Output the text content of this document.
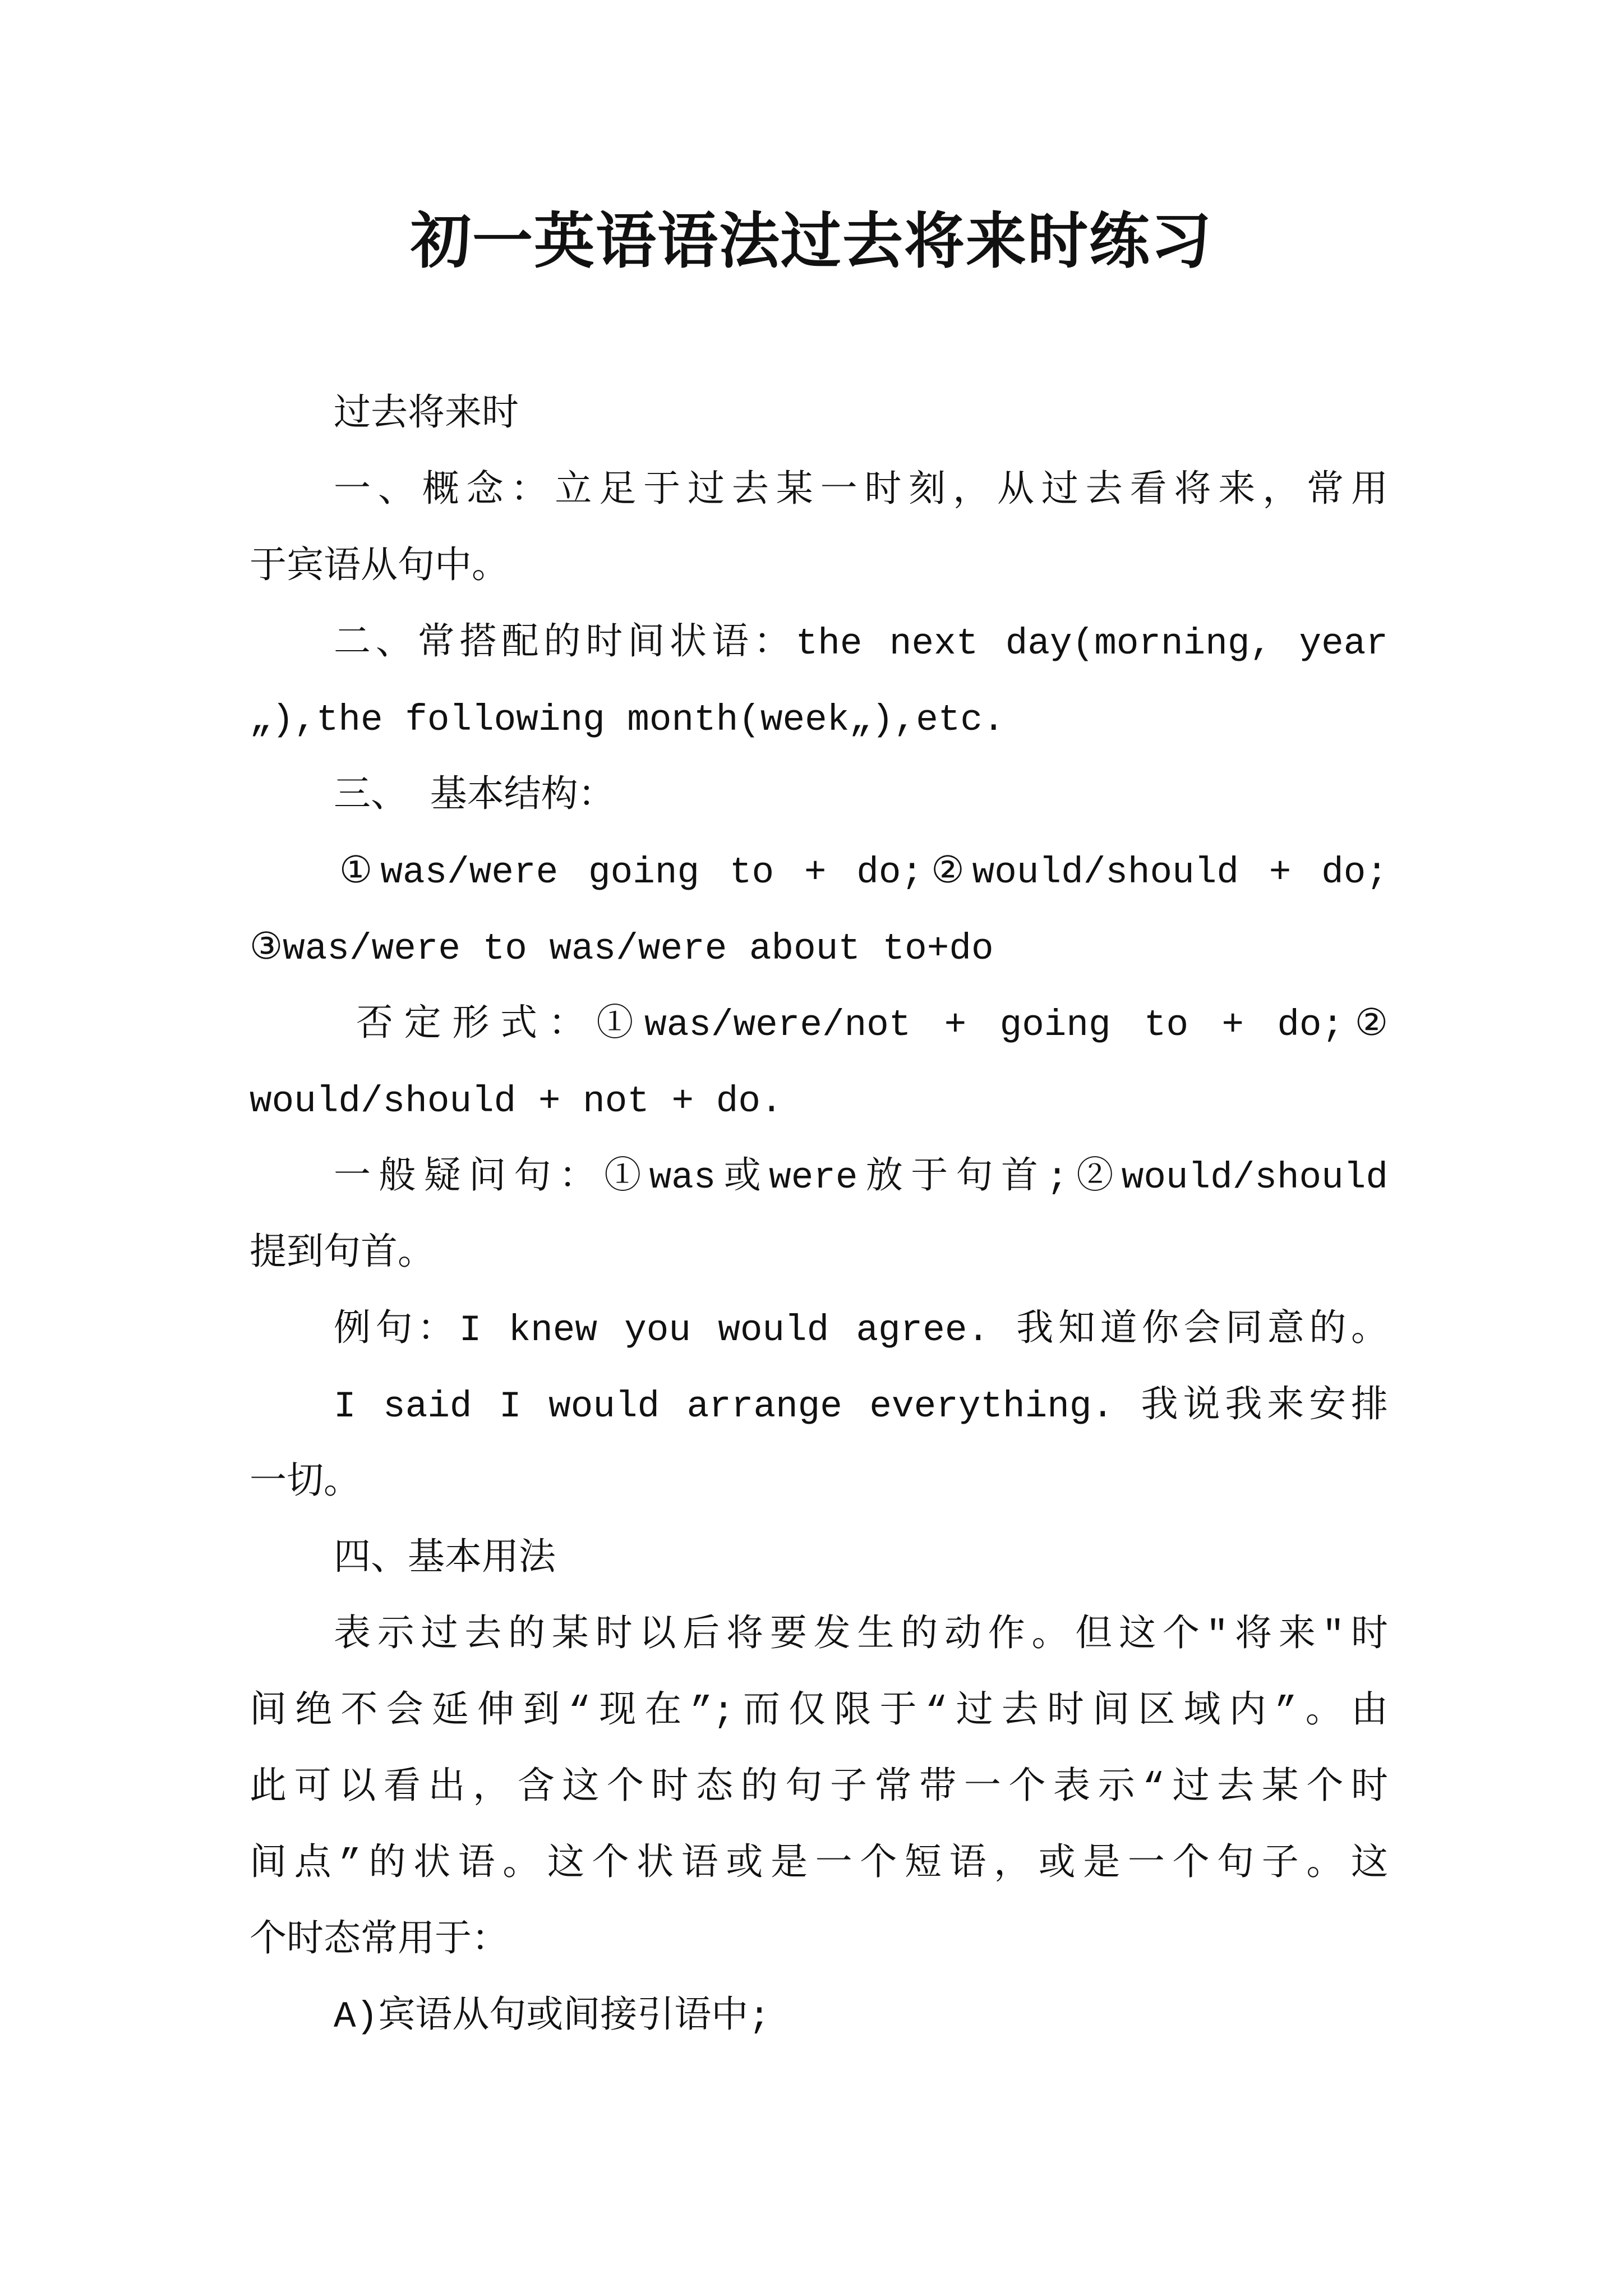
初一英语语法过去将来时练习
过去将来时
一、概念：立足于过去某一时刻，从过去看将来，常用
于宾语从句中。
二、常搭配的时间状语：the next day(morning, year
„),the following month(week„),etc.
三、 基本结构：
①was/were going to + do;②would/should + do;
③was/were to was/were about to+do
否定形式：①was/were/not + going to + do;②
would/should + not + do.
一般疑问句：①was或were放于句首;②would/should
提到句首。
例句：I knew you would agree. 我知道你会同意的。
I said I would arrange everything. 我说我来安排
一切。
四、基本用法
表示过去的某时以后将要发生的动作。但这个"将来"时
间绝不会延伸到“现在”;而仅限于“过去时间区域内”。由
此可以看出，含这个时态的句子常带一个表示“过去某个时
间点”的状语。这个状语或是一个短语，或是一个句子。这
个时态常用于：
A)宾语从句或间接引语中;
